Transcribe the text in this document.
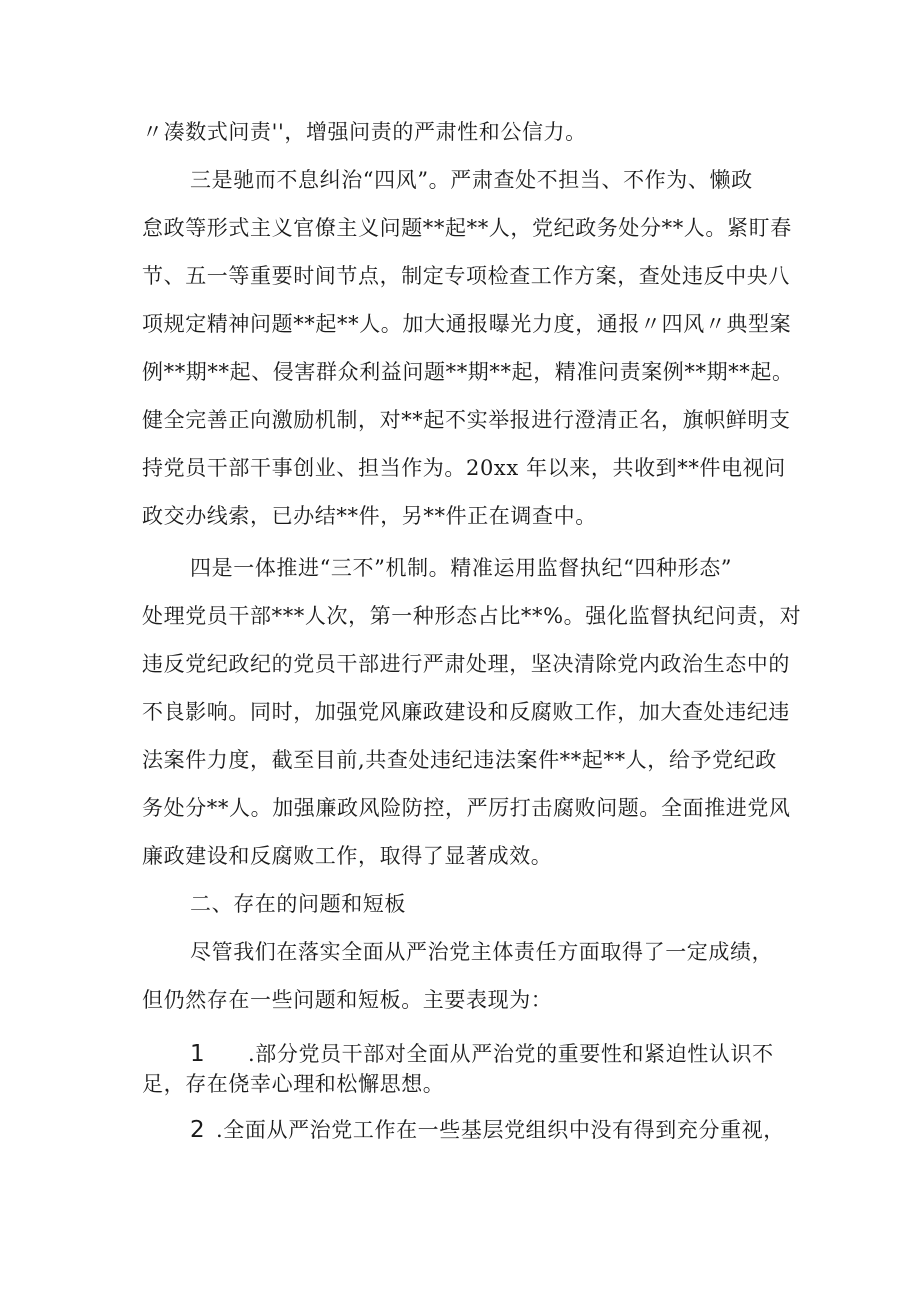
〃凑数式问责''，增强问责的严肃性和公信力。
三是驰而不息纠治“四风”。严肃查处不担当、不作为、懒政
怠政等形式主义官僚主义问题**起**人，党纪政务处分**人。紧盯春
节、五一等重要时间节点，制定专项检查工作方案，查处违反中央八
项规定精神问题**起**人。加大通报曝光力度，通报〃四风〃典型案
例**期**起、侵害群众利益问题**期**起，精准问责案例**期**起。
健全完善正向激励机制，对**起不实举报进行澄清正名，旗帜鲜明支
持党员干部干事创业、担当作为。20xx 年以来，共收到**件电视问
政交办线索，已办结**件，另**件正在调查中。
四是一体推进“三不”机制。精准运用监督执纪“四种形态”
处理党员干部***人次，第一种形态占比**%。强化监督执纪问责，对
违反党纪政纪的党员干部进行严肃处理，坚决清除党内政治生态中的
不良影响。同时，加强党风廉政建设和反腐败工作，加大查处违纪违
法案件力度，截至目前,共查处违纪违法案件**起**人，给予党纪政
务处分**人。加强廉政风险防控，严厉打击腐败问题。全面推进党风
廉政建设和反腐败工作，取得了显著成效。
二、存在的问题和短板
尽管我们在落实全面从严治党主体责任方面取得了一定成绩，
但仍然存在一些问题和短板。主要表现为：
1 .部分党员干部对全面从严治党的重要性和紧迫性认识不
足，存在侥幸心理和松懈思想。
2 .全面从严治党工作在一些基层党组织中没有得到充分重视，
